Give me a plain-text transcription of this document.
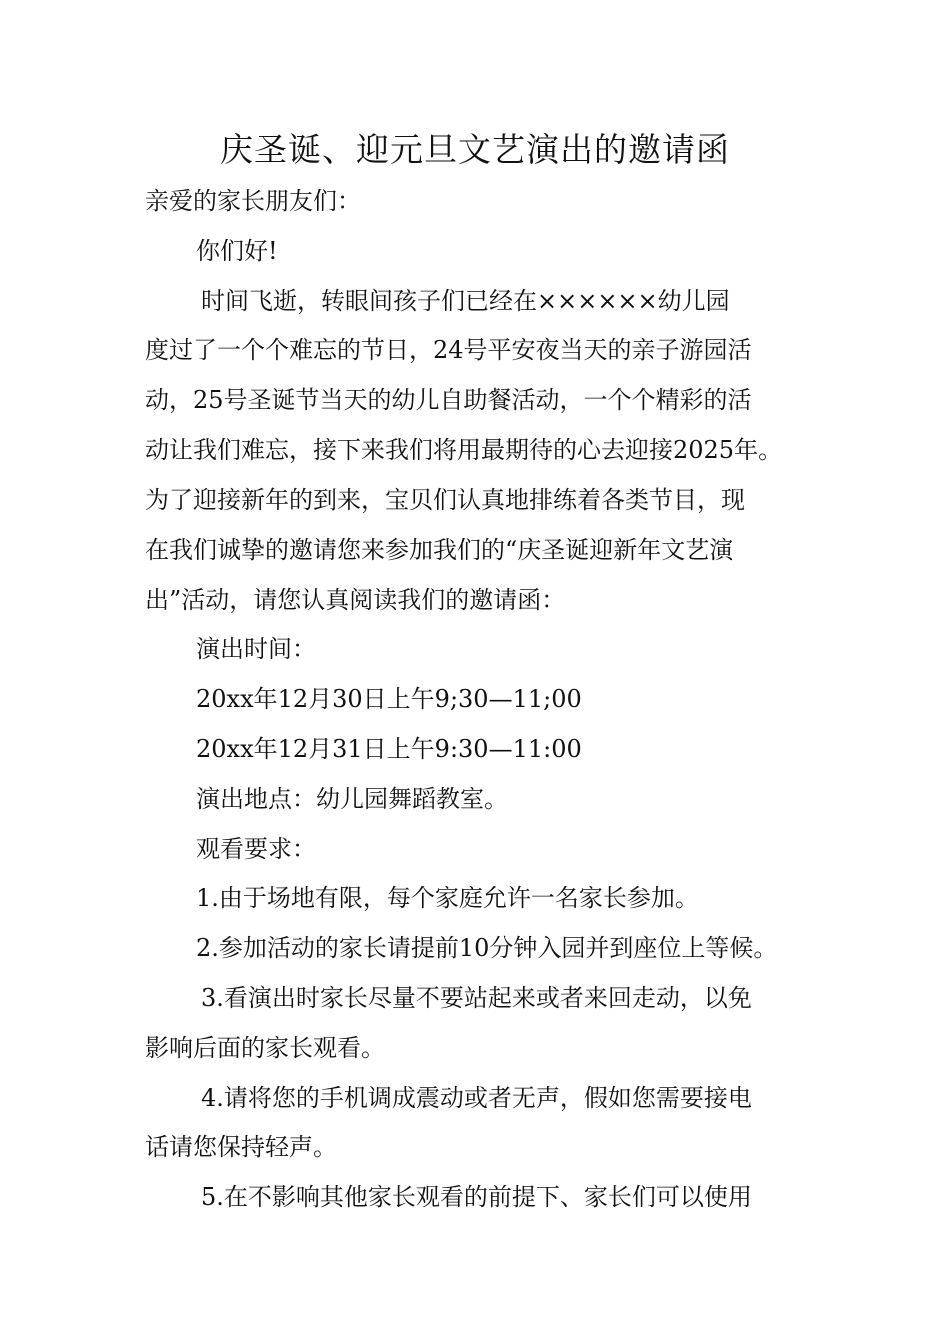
庆圣诞、迎元旦文艺演出的邀请函

亲爱的家长朋友们：

你们好!

时间飞逝，转眼间孩子们已经在××××××幼儿园

度过了一个个难忘的节日，24号平安夜当天的亲子游园活

动，25号圣诞节当天的幼儿自助餐活动，一个个精彩的活

动让我们难忘，接下来我们将用最期待的心去迎接2025年。

为了迎接新年的到来，宝贝们认真地排练着各类节目，现

在我们诚挚的邀请您来参加我们的“庆圣诞迎新年文艺演

出”活动，请您认真阅读我们的邀请函：

演出时间：

20xx年12月30日上午9;30—11;00

20xx年12月31日上午9:30—11:00

演出地点：幼儿园舞蹈教室。

观看要求：

1.由于场地有限，每个家庭允许一名家长参加。

2.参加活动的家长请提前10分钟入园并到座位上等候。

3.看演出时家长尽量不要站起来或者来回走动，以免

影响后面的家长观看。

4.请将您的手机调成震动或者无声，假如您需要接电

话请您保持轻声。

5.在不影响其他家长观看的前提下、家长们可以使用
